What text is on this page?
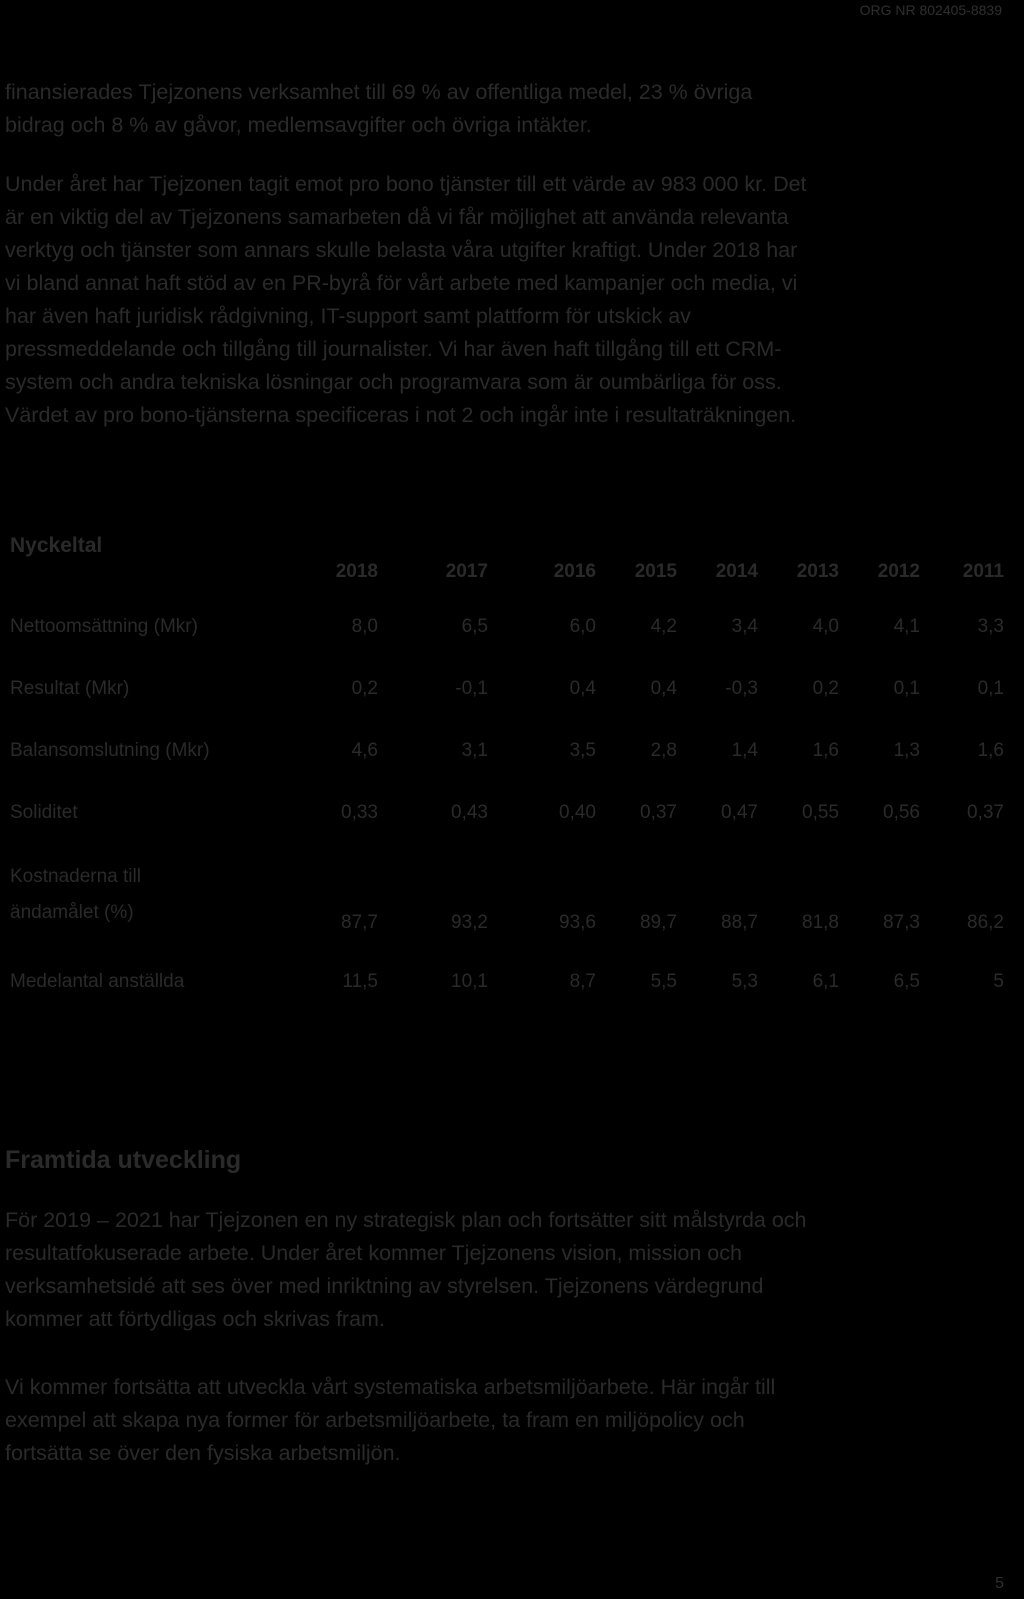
ORG NR 802405-8839

finansierades Tjejzonens verksamhet till 69 % av offentliga medel, 23 % övriga
bidrag och 8 % av gåvor, medlemsavgifter och övriga intäkter.

Under året har Tjejzonen tagit emot pro bono tjänster till ett värde av 983 000 kr. Det
är en viktig del av Tjejzonens samarbeten då vi får möjlighet att använda relevanta
verktyg och tjänster som annars skulle belasta våra utgifter kraftigt. Under 2018 har
vi bland annat haft stöd av en PR-byrå för vårt arbete med kampanjer och media, vi
har även haft juridisk rådgivning, IT-support samt plattform för utskick av
pressmeddelande och tillgång till journalister. Vi har även haft tillgång till ett CRM-
system och andra tekniska lösningar och programvara som är oumbärliga för oss.
Värdet av pro bono-tjänsterna specificeras i not 2 och ingår inte i resultaträkningen.

Nyckeltal
2018	2017	2016	2015	2014	2013	2012	2011
Nettoomsättning (Mkr)	8,0	6,5	6,0	4,2	3,4	4,0	4,1	3,3
Resultat (Mkr)	0,2	-0,1	0,4	0,4	-0,3	0,2	0,1	0,1
Balansomslutning (Mkr)	4,6	3,1	3,5	2,8	1,4	1,6	1,3	1,6
Soliditet	0,33	0,43	0,40	0,37	0,47	0,55	0,56	0,37
Kostnaderna till
ändamålet (%)	87,7	93,2	93,6	89,7	88,7	81,8	87,3	86,2
Medelantal anställda	11,5	10,1	8,7	5,5	5,3	6,1	6,5	5
Framtida utveckling

För 2019 – 2021 har Tjejzonen en ny strategisk plan och fortsätter sitt målstyrda och
resultatfokuserade arbete. Under året kommer Tjejzonens vision, mission och
verksamhetsidé att ses över med inriktning av styrelsen. Tjejzonens värdegrund
kommer att förtydligas och skrivas fram.

Vi kommer fortsätta att utveckla vårt systematiska arbetsmiljöarbete. Här ingår till
exempel att skapa nya former för arbetsmiljöarbete, ta fram en miljöpolicy och
fortsätta se över den fysiska arbetsmiljön.

5
